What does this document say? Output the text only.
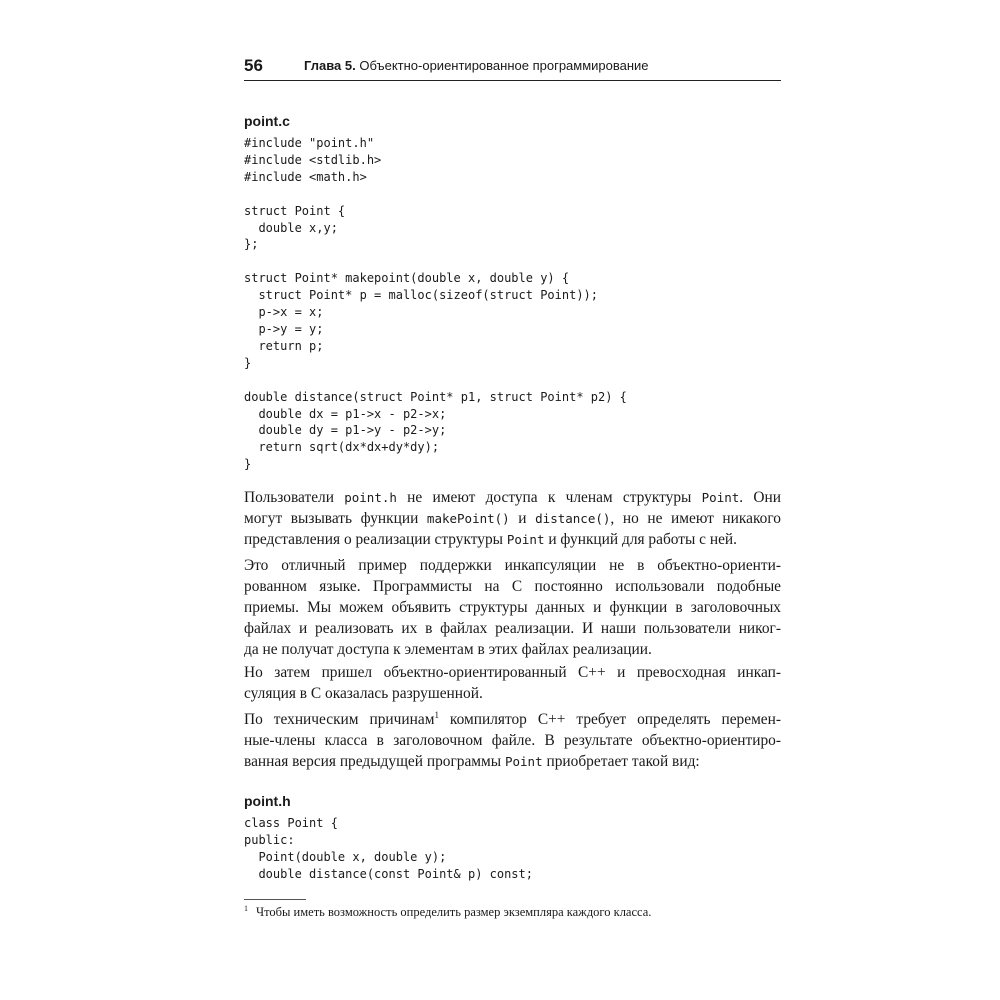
56	Глава 5. Объектно-ориентированное программирование
point.c
#include "point.h"
#include <stdlib.h>
#include <math.h>

struct Point {
double x,y;
};

struct Point* makepoint(double x, double y) {
struct Point* p = malloc(sizeof(struct Point));
p->x = x;
p->y = y;
return p;
}

double distance(struct Point* p1, struct Point* p2) {
double dx = p1->x - p2->x;
double dy = p1->y - p2->y;
return sqrt(dx*dx+dy*dy);
}
Пользователи point.h не имеют доступа к членам структуры Point. Они
могут вызывать функции makePoint() и distance(), но не имеют никакого
представления о реализации структуры Point и функций для работы с ней.
Это отличный пример поддержки инкапсуляции не в объектно-ориенти-
рованном языке. Программисты на С постоянно использовали подобные
приемы. Мы можем объявить структуры данных и функции в заголовочных
файлах и реализовать их в файлах реализации. И наши пользователи никог-
да не получат доступа к элементам в этих файлах реализации.
Но затем пришел объектно-ориентированный С++ и превосходная инкап-
суляция в С оказалась разрушенной.
По техническим причинам$^1$ компилятор С++ требует определять перемен-
ные-члены класса в заголовочном файле. В результате объектно-ориентиро-
ванная версия предыдущей программы Point приобретает такой вид:
point.h
class Point {
public:
Point(double x, double y);
double distance(const Point& p) const;
$^1$ Чтобы иметь возможность определить размер экземпляра каждого класса.
